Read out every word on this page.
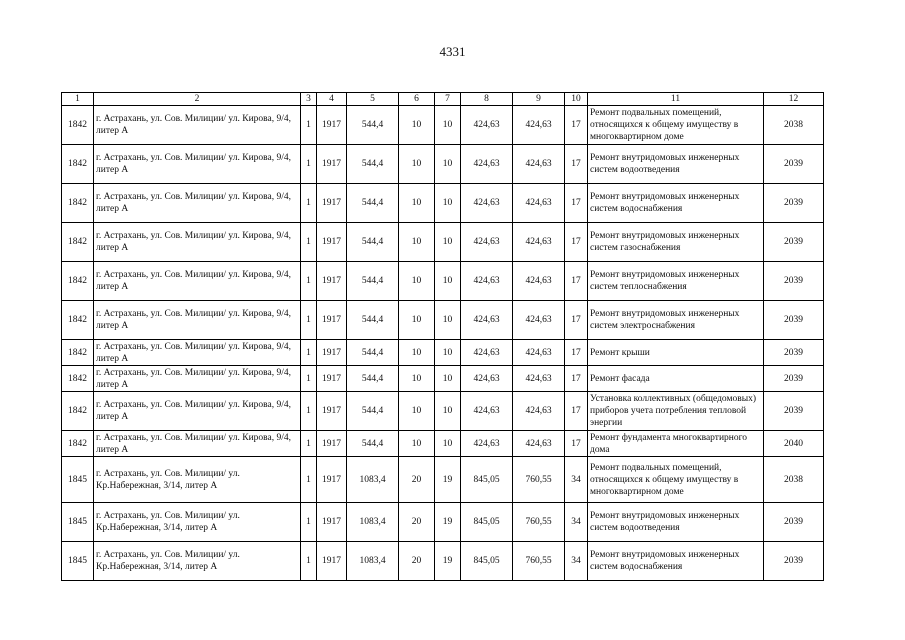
4331
1	2	3	4	5	6	7	8	9	10	11	12
1842	г. Астрахань, ул. Сов. Милиции/ ул. Кирова, 9/4, литер А	1	1917	544,4	10	10	424,63	424,63	17	Ремонт подвальных помещений, относящихся к общему имуществу в многоквартирном доме	2038
1842	г. Астрахань, ул. Сов. Милиции/ ул. Кирова, 9/4, литер А	1	1917	544,4	10	10	424,63	424,63	17	Ремонт внутридомовых инженерных систем водоотведения	2039
1842	г. Астрахань, ул. Сов. Милиции/ ул. Кирова, 9/4, литер А	1	1917	544,4	10	10	424,63	424,63	17	Ремонт внутридомовых инженерных систем водоснабжения	2039
1842	г. Астрахань, ул. Сов. Милиции/ ул. Кирова, 9/4, литер А	1	1917	544,4	10	10	424,63	424,63	17	Ремонт внутридомовых инженерных систем газоснабжения	2039
1842	г. Астрахань, ул. Сов. Милиции/ ул. Кирова, 9/4, литер А	1	1917	544,4	10	10	424,63	424,63	17	Ремонт внутридомовых инженерных систем теплоснабжения	2039
1842	г. Астрахань, ул. Сов. Милиции/ ул. Кирова, 9/4, литер А	1	1917	544,4	10	10	424,63	424,63	17	Ремонт внутридомовых инженерных систем электроснабжения	2039
1842	г. Астрахань, ул. Сов. Милиции/ ул. Кирова, 9/4, литер А	1	1917	544,4	10	10	424,63	424,63	17	Ремонт крыши	2039
1842	г. Астрахань, ул. Сов. Милиции/ ул. Кирова, 9/4, литер А	1	1917	544,4	10	10	424,63	424,63	17	Ремонт фасада	2039
1842	г. Астрахань, ул. Сов. Милиции/ ул. Кирова, 9/4, литер А	1	1917	544,4	10	10	424,63	424,63	17	Установка коллективных (общедомовых) приборов учета потребления тепловой энергии	2039
1842	г. Астрахань, ул. Сов. Милиции/ ул. Кирова, 9/4, литер А	1	1917	544,4	10	10	424,63	424,63	17	Ремонт фундамента многоквартирного дома	2040
1845	г. Астрахань, ул. Сов. Милиции/ ул. Кр.Набережная, 3/14, литер А	1	1917	1083,4	20	19	845,05	760,55	34	Ремонт подвальных помещений, относящихся к общему имуществу в многоквартирном доме	2038
1845	г. Астрахань, ул. Сов. Милиции/ ул. Кр.Набережная, 3/14, литер А	1	1917	1083,4	20	19	845,05	760,55	34	Ремонт внутридомовых инженерных систем водоотведения	2039
1845	г. Астрахань, ул. Сов. Милиции/ ул. Кр.Набережная, 3/14, литер А	1	1917	1083,4	20	19	845,05	760,55	34	Ремонт внутридомовых инженерных систем водоснабжения	2039
